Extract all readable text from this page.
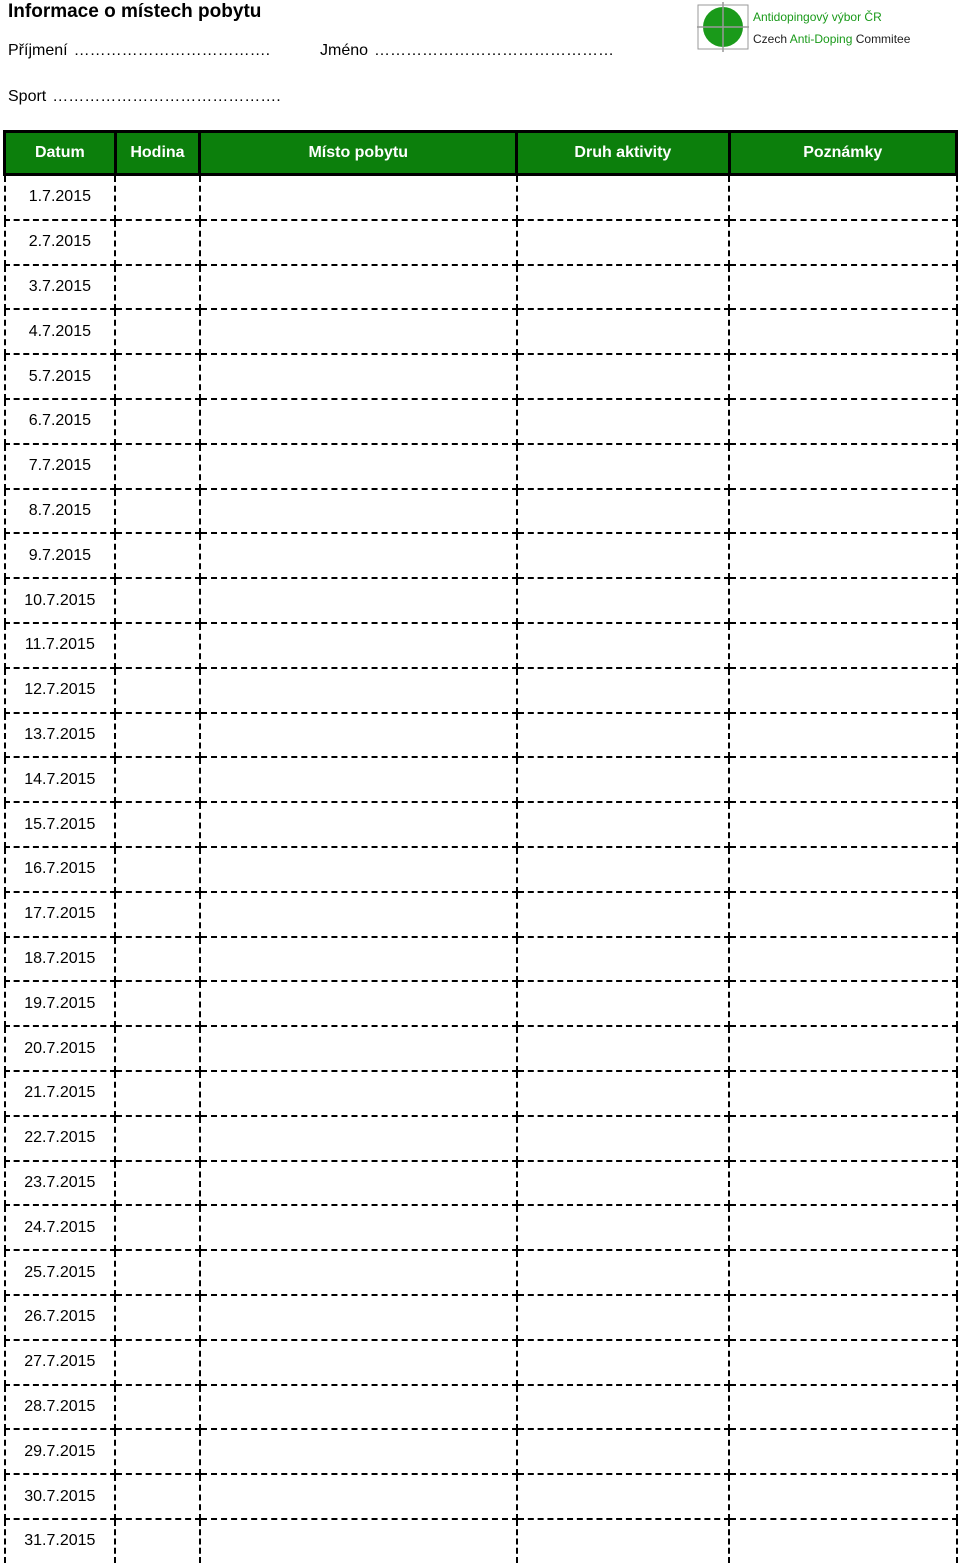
Informace o místech pobytu
Příjmení ……………………………….	Jméno ………………………………………
Sport …………………………………….
Antidopingový výbor ČR
Czech Anti-Doping Commitee
Datum	Hodina	Místo pobytu	Druh aktivity	Poznámky
1.7.2015				
2.7.2015				
3.7.2015				
4.7.2015				
5.7.2015				
6.7.2015				
7.7.2015				
8.7.2015				
9.7.2015				
10.7.2015				
11.7.2015				
12.7.2015				
13.7.2015				
14.7.2015				
15.7.2015				
16.7.2015				
17.7.2015				
18.7.2015				
19.7.2015				
20.7.2015				
21.7.2015				
22.7.2015				
23.7.2015				
24.7.2015				
25.7.2015				
26.7.2015				
27.7.2015				
28.7.2015				
29.7.2015				
30.7.2015				
31.7.2015				
